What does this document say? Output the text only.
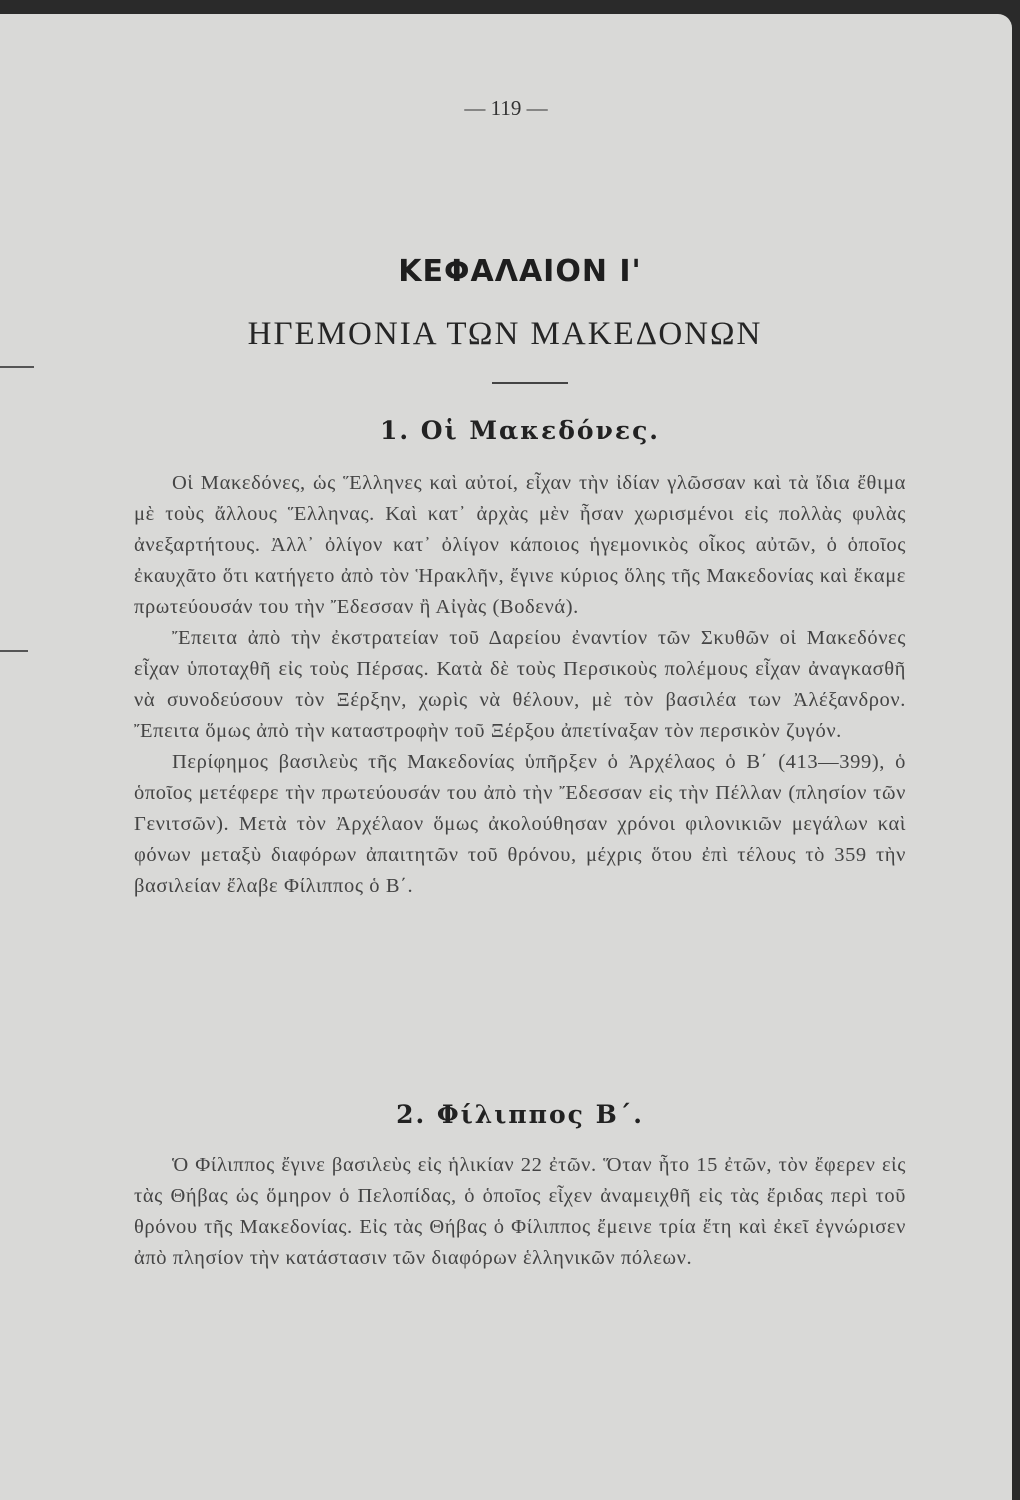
— 119 —
ΚΕΦΑΛΑΙΟΝ Ι'
ΗΓΕΜΟΝΙΑ ΤΩΝ ΜΑΚΕΔΟΝΩΝ
1. Οἱ Μακεδόνες.

Οἱ Μακεδόνες, ὡς Ἕλληνες καὶ αὐτοί, εἶχαν τὴν ἰδίαν γλῶσσαν καὶ τὰ ἴδια ἔθιμα μὲ τοὺς ἄλλους Ἕλληνας. Καὶ κατ᾽ ἀρχὰς μὲν ἦσαν χωρισμένοι εἰς πολλὰς φυλὰς ἀνεξαρτήτους. Ἀλλ᾽ ὀλίγον κατ᾽ ὀλίγον κάποιος ἡγεμονικὸς οἶκος αὐτῶν, ὁ ὁποῖος ἐκαυχᾶτο ὅτι κατήγετο ἀπὸ τὸν Ἡρακλῆν, ἔγινε κύριος ὅλης τῆς Μακεδονίας καὶ ἔκαμε πρωτεύουσάν του τὴν Ἔδεσσαν ἢ Αἰγὰς (Βοδενά).

Ἔπειτα ἀπὸ τὴν ἐκστρατείαν τοῦ Δαρείου ἐναντίον τῶν Σκυθῶν οἱ Μακεδόνες εἶχαν ὑποταχθῆ εἰς τοὺς Πέρσας. Κατὰ δὲ τοὺς Περσικοὺς πολέμους εἶχαν ἀναγκασθῆ νὰ συνοδεύσουν τὸν Ξέρξην, χωρὶς νὰ θέλουν, μὲ τὸν βασιλέα των Ἀλέξανδρον. Ἔπειτα ὅμως ἀπὸ τὴν καταστροφὴν τοῦ Ξέρξου ἀπετίναξαν τὸν περσικὸν ζυγόν.

Περίφημος βασιλεὺς τῆς Μακεδονίας ὑπῆρξεν ὁ Ἀρχέλαος ὁ Β΄ (413—399), ὁ ὁποῖος μετέφερε τὴν πρωτεύουσάν του ἀπὸ τὴν Ἔδεσσαν εἰς τὴν Πέλλαν (πλησίον τῶν Γενιτσῶν). Μετὰ τὸν Ἀρχέλαον ὅμως ἀκολούθησαν χρόνοι φιλονικιῶν μεγάλων καὶ φόνων μεταξὺ διαφόρων ἀπαιτητῶν τοῦ θρόνου, μέχρις ὅτου ἐπὶ τέλους τὸ 359 τὴν βασιλείαν ἔλαβε Φίλιππος ὁ Β΄.

2. Φίλιππος Β΄.

Ὁ Φίλιππος ἔγινε βασιλεὺς εἰς ἡλικίαν 22 ἐτῶν. Ὅταν ἦτο 15 ἐτῶν, τὸν ἔφερεν εἰς τὰς Θήβας ὡς ὅμηρον ὁ Πελοπίδας, ὁ ὁποῖος εἶχεν ἀναμειχθῆ εἰς τὰς ἔριδας περὶ τοῦ θρόνου τῆς Μακεδονίας. Εἰς τὰς Θήβας ὁ Φίλιππος ἔμεινε τρία ἔτη καὶ ἐκεῖ ἐγνώρισεν ἀπὸ πλησίον τὴν κατάστασιν τῶν διαφόρων ἑλληνικῶν πόλεων.
